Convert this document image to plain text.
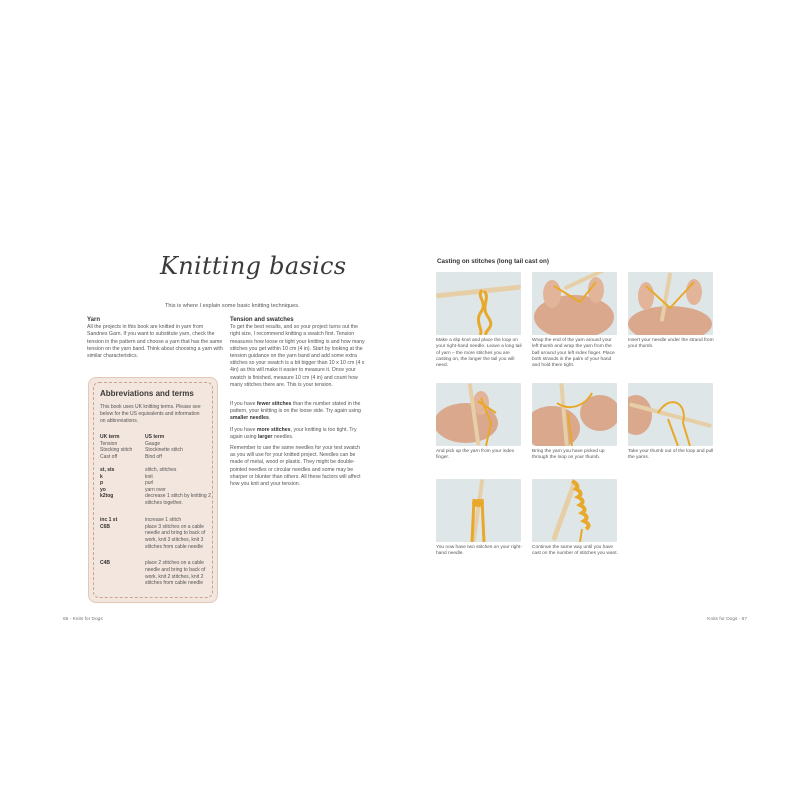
Knitting basics
This is where I explain some basic knitting techniques.
Yarn

All the projects in this book are knitted in yarn from Sandnes Garn. If you want to substitute yarn, check the tension in the pattern and choose a yarn that has the same tension on the yarn band. Think about choosing a yarn with similar characteristics.

Tension and swatches

To get the best results, and so your project turns out the right size, I recommend knitting a swatch first. Tension measures how loose or tight your knitting is and how many stitches you get within 10 cm (4 in). Start by looking at the tension guidance on the yarn band and add some extra stitches so your swatch is a bit bigger than 10 x 10 cm (4 x 4in) as this will make it easier to measure it. Once your swatch is finished, measure 10 cm (4 in) and count how many stitches there are. This is your tension.

If you have fewer stitches than the number stated in the pattern, your knitting is on the loose side. Try again using smaller needles.

If you have more stitches, your knitting is too tight. Try again using larger needles.

Remember to use the same needles for your test swatch as you will use for your knitted project. Needles can be made of metal, wood or plastic. They might be double-pointed needles or circular needles and some may be sharper or blunter than others. All these factors will affect how you knit and your tension.

Abbreviations and terms
This book uses UK knitting terms. Please see below for the US equivalents and information on abbreviations.
UK term	US term
Tension	Gauge
Stocking stitch	Stockinette stitch
Cast off	Bind off
st, sts	stitch, stitches
k	knit
p	purl
yo	yarn over
k2tog	decrease 1 stitch by knitting 2 stitches together.
inc 1 st	increase 1 stitch
C6B	place 3 stitches on a cable needle and bring to back of work, knit 3 stitches, knit 3 stitches from cable needle
C4B	place 2 stitches on a cable needle and bring to back of work, knit 2 stitches, knit 2 stitches from cable needle
66 · Knits for Dogs
Casting on stitches (long tail cast on)
Make a slip knot and place the loop on your right-hand needle. Leave a long tail of yarn – the more stitches you are casting on, the longer the tail you will need.
Wrap the end of the yarn around your left thumb and wrap the yarn from the ball around your left index finger. Place both strands in the palm of your hand and hold them tight.
Insert your needle under the strand from your thumb.
And pick up the yarn from your index finger.
Bring the yarn you have picked up through the loop on your thumb.
Take your thumb out of the loop and pull the yarns.
You now have two stitches on your right-hand needle.
Continue the same way until you have cast on the number of stitches you want.
Knits for Dogs · 67
